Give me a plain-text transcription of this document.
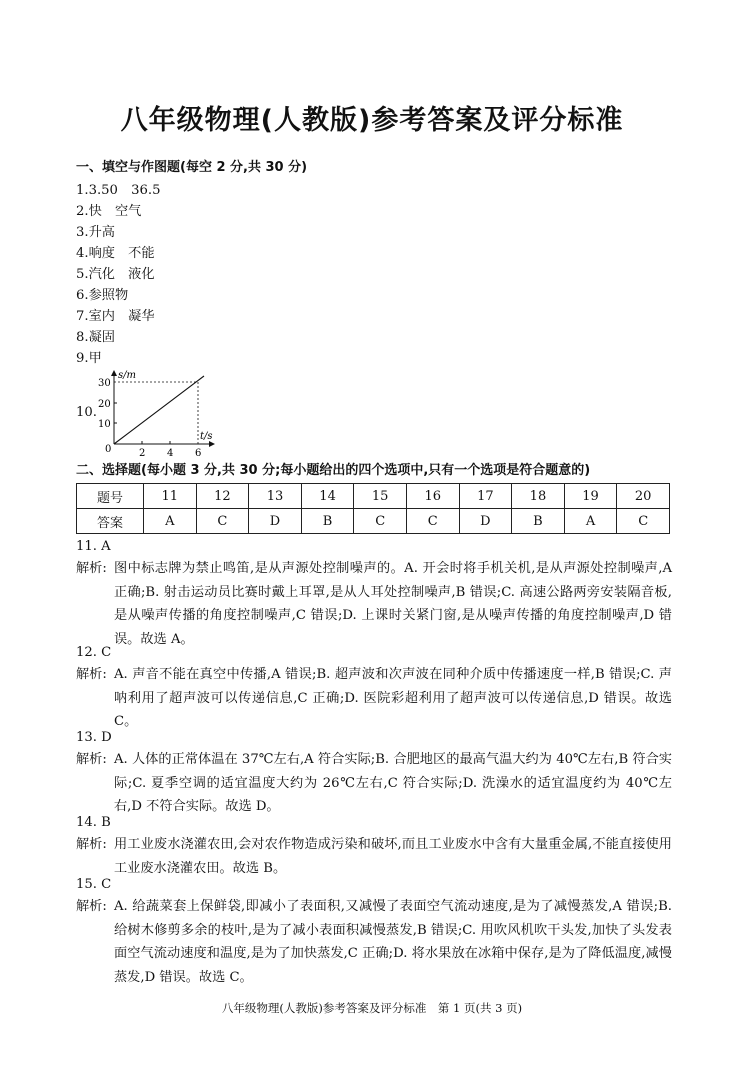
八年级物理(人教版)参考答案及评分标准
一、填空与作图题(每空 2 分,共 30 分)
1.3.50　36.5
2.快　空气
3.升高
4.响度　不能
5.汽化　液化
6.参照物
7.室内　凝华
8.凝固
9.甲
10.
s/m
t/s
10
20
30
0	2 4 6
二、选择题(每小题 3 分,共 30 分;每小题给出的四个选项中,只有一个选项是符合题意的)
题号	11	12	13	14	15	16	17	18	19	20
答案	A	C	D	B	C	C	D	B	A	C
11. A
解析: 图中标志牌为禁止鸣笛,是从声源处控制噪声的。A. 开会时将手机关机,是从声源处控制噪声,A 正确;B. 射击运动员比赛时戴上耳罩,是从人耳处控制噪声,B 错误;C. 高速公路两旁安装隔音板,是从噪声传播的角度控制噪声,C 错误;D. 上课时关紧门窗,是从噪声传播的角度控制噪声,D 错误。故选 A。
12. C
解析: A. 声音不能在真空中传播,A 错误;B. 超声波和次声波在同种介质中传播速度一样,B 错误;C. 声呐利用了超声波可以传递信息,C 正确;D. 医院彩超利用了超声波可以传递信息,D 错误。故选 C。
13. D
解析: A. 人体的正常体温在 37℃左右,A 符合实际;B. 合肥地区的最高气温大约为 40℃左右,B 符合实际;C. 夏季空调的适宜温度大约为 26℃左右,C 符合实际;D. 洗澡水的适宜温度约为 40℃左右,D 不符合实际。故选 D。
14. B
解析: 用工业废水浇灌农田,会对农作物造成污染和破坏,而且工业废水中含有大量重金属,不能直接使用工业废水浇灌农田。故选 B。
15. C
解析: A. 给蔬菜套上保鲜袋,即减小了表面积,又减慢了表面空气流动速度,是为了减慢蒸发,A 错误;B. 给树木修剪多余的枝叶,是为了减小表面积减慢蒸发,B 错误;C. 用吹风机吹干头发,加快了头发表面空气流动速度和温度,是为了加快蒸发,C 正确;D. 将水果放在冰箱中保存,是为了降低温度,减慢蒸发,D 错误。故选 C。
八年级物理(人教版)参考答案及评分标准　第 1 页(共 3 页)
